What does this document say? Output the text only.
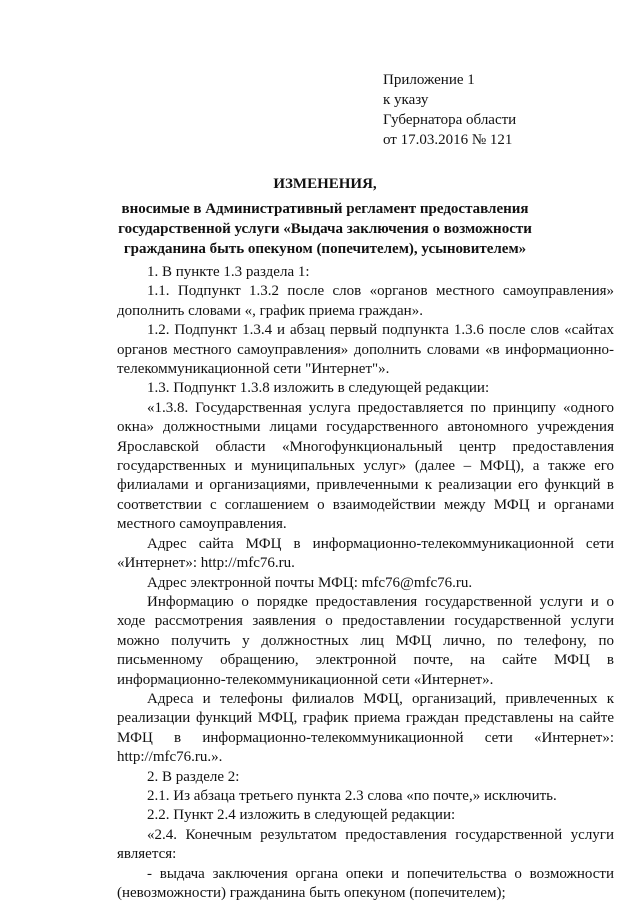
Приложение 1
к указу
Губернатора области
от 17.03.2016 № 121
ИЗМЕНЕНИЯ,
вносимые в Административный регламент предоставления
государственной услуги «Выдача заключения о возможности
гражданина быть опекуном (попечителем), усыновителем»

1. В пункте 1.3 раздела 1:

1.1. Подпункт 1.3.2 после слов «органов местного самоуправления» дополнить словами «, график приема граждан».

1.2. Подпункт 1.3.4 и абзац первый подпункта 1.3.6 после слов «сайтах органов местного самоуправления» дополнить словами «в информационно-телекоммуникационной сети "Интернет"».

1.3. Подпункт 1.3.8 изложить в следующей редакции:

«1.3.8. Государственная услуга предоставляется по принципу «одного окна» должностными лицами государственного автономного учреждения Ярославской области «Многофункциональный центр предоставления государственных и муниципальных услуг» (далее – МФЦ), а также его филиалами и организациями, привлеченными к реализации его функций в соответствии с соглашением о взаимодействии между МФЦ и органами местного самоуправления.

Адрес сайта МФЦ в информационно-телекоммуникационной сети «Интернет»: http://mfc76.ru.

Адрес электронной почты МФЦ: mfc76@mfc76.ru.

Информацию о порядке предоставления государственной услуги и о ходе рассмотрения заявления о предоставлении государственной услуги можно получить у должностных лиц МФЦ лично, по телефону, по письменному обращению, электронной почте, на сайте МФЦ в информационно-телекоммуникационной сети «Интернет».

Адреса и телефоны филиалов МФЦ, организаций, привлеченных к реализации функций МФЦ, график приема граждан представлены на сайте МФЦ в информационно-телекоммуникационной сети «Интернет»: http://mfc76.ru.».

2. В разделе 2:

2.1. Из абзаца третьего пункта 2.3 слова «по почте,» исключить.

2.2. Пункт 2.4 изложить в следующей редакции:

«2.4. Конечным результатом предоставления государственной услуги является:

- выдача заключения органа опеки и попечительства о возможности (невозможности) гражданина быть опекуном (попечителем);
